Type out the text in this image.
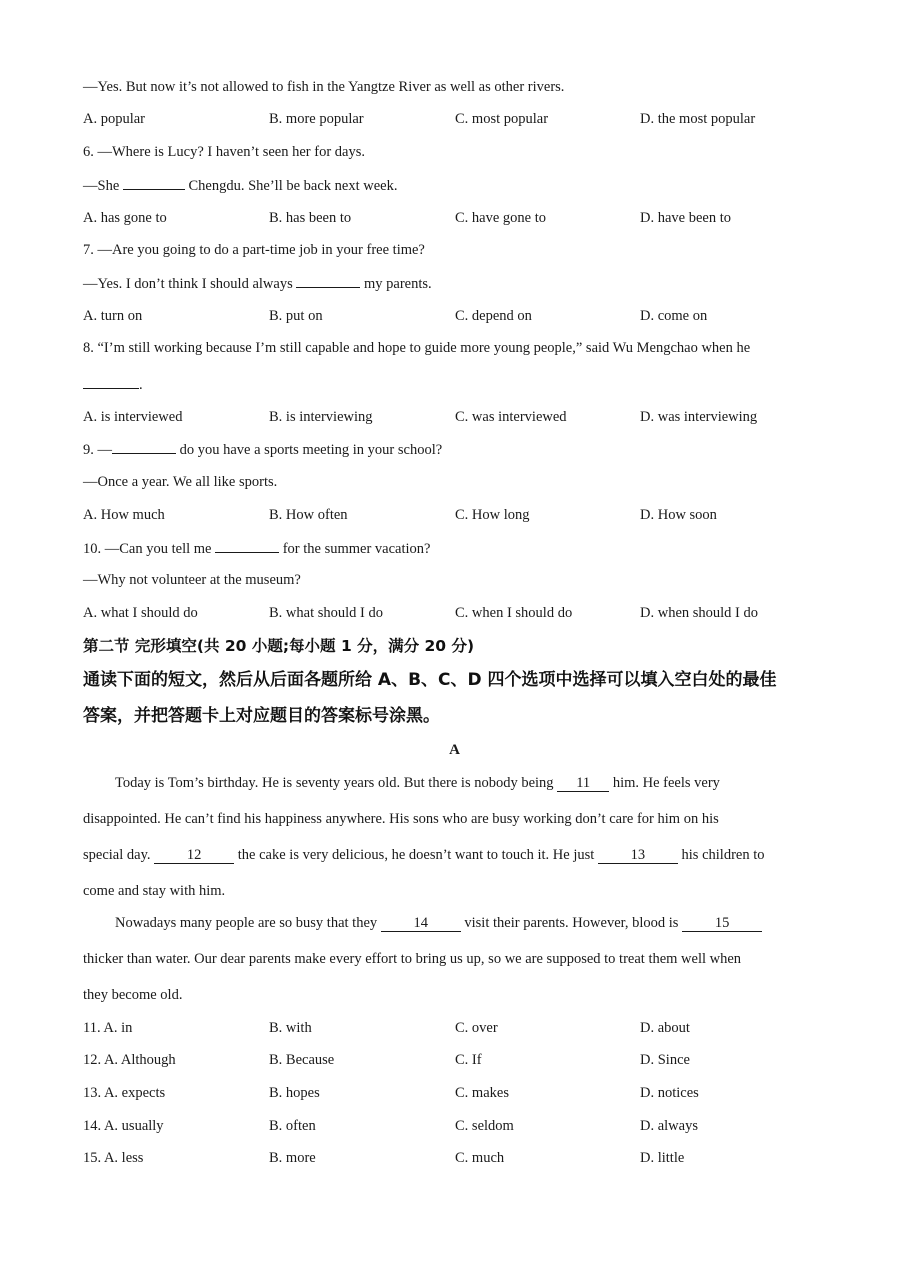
—Yes. But now it’s not allowed to fish in the Yangtze River as well as other rivers.
A. popular	B. more popular	C. most popular	D. the most popular
6. —Where is Lucy? I haven’t seen her for days.
—She	Chengdu. She’ll be back next week.
A. has gone to	B. has been to	C. have gone to	D. have been to
7. —Are you going to do a part-time job in your free time?
—Yes. I don’t think I should always	my parents.
A. turn on	B. put on	C. depend on	D. come on
8. “I’m still working because I’m still capable and hope to guide more young people,” said Wu Mengchao when he
.
A. is interviewed	B. is interviewing	C. was interviewed	D. was interviewing
9. —	do you have a sports meeting in your school?
—Once a year. We all like sports.
A. How much	B. How often	C. How long	D. How soon
10. —Can you tell me	for the summer vacation?
—Why not volunteer at the museum?
A. what I should do	B. what should I do	C. when I should do	D. when should I do
第二节 完形填空(共 20 小题;每小题 1 分，满分 20 分)
通读下面的短文，然后从后面各题所给 A、B、C、D 四个选项中选择可以填入空白处的最佳
答案，并把答题卡上对应题目的答案标号涂黑。
A
Today is Tom’s birthday. He is seventy years old. But there is nobody being 11 him. He feels very
disappointed. He can’t find his happiness anywhere. His sons who are busy working don’t care for him on his
special day. 12 the cake is very delicious, he doesn’t want to touch it. He just 13 his children to
come and stay with him.
Nowadays many people are so busy that they 14 visit their parents. However, blood is 15
thicker than water. Our dear parents make every effort to bring us up, so we are supposed to treat them well when
they become old.
11. A. in	B. with	C. over	D. about
12. A. Although	B. Because	C. If	D. Since
13. A. expects	B. hopes	C. makes	D. notices
14. A. usually	B. often	C. seldom	D. always
15. A. less	B. more	C. much	D. little
